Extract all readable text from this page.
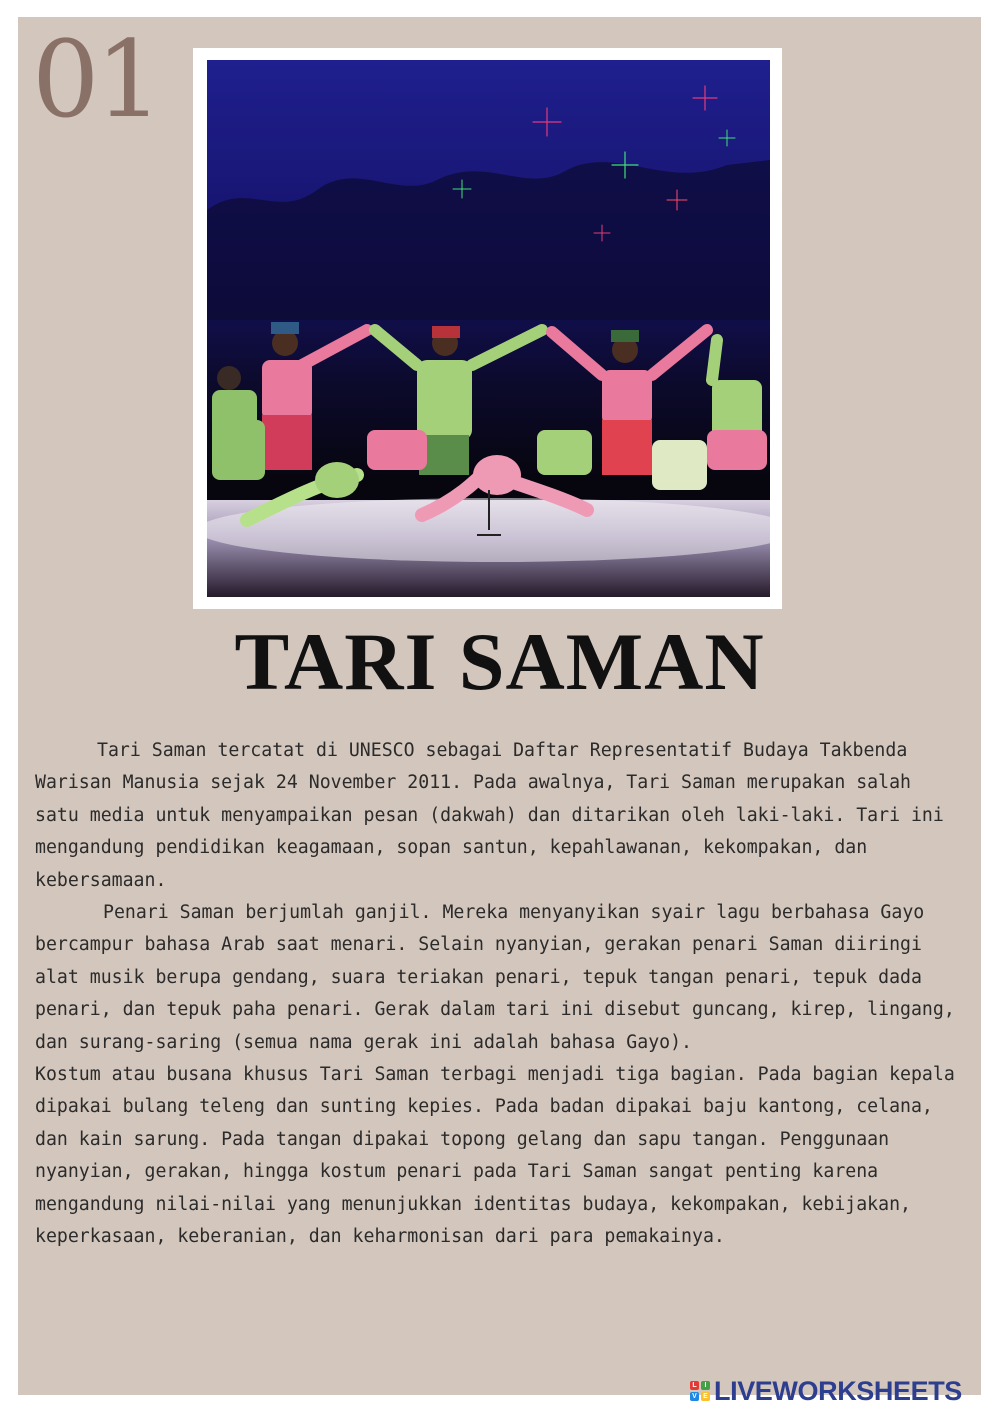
01
TARI SAMAN

Tari Saman tercatat di UNESCO sebagai Daftar Representatif Budaya Takbenda Warisan Manusia sejak 24 November 2011. Pada awalnya, Tari Saman merupakan salah satu media untuk menyampaikan pesan (dakwah) dan ditarikan oleh laki-laki. Tari ini mengandung pendidikan keagamaan, sopan santun, kepahlawanan, kekompakan, dan kebersamaan.

Penari Saman berjumlah ganjil. Mereka menyanyikan syair lagu berbahasa Gayo bercampur bahasa Arab saat menari. Selain nyanyian, gerakan penari Saman diiringi alat musik berupa gendang, suara teriakan penari, tepuk tangan penari, tepuk dada penari, dan tepuk paha penari. Gerak dalam tari ini disebut guncang, kirep, lingang, dan surang-saring (semua nama gerak ini adalah bahasa Gayo).

Kostum atau busana khusus Tari Saman terbagi menjadi tiga bagian. Pada bagian kepala dipakai bulang teleng dan sunting kepies. Pada badan dipakai baju kantong, celana, dan kain sarung. Pada tangan dipakai topong gelang dan sapu tangan. Penggunaan nyanyian, gerakan, hingga kostum penari pada Tari Saman sangat penting karena mengandung nilai-nilai yang menunjukkan identitas budaya, kekompakan, kebijakan, keperkasaan, keberanian, dan keharmonisan dari para pemakainya.

L	I
V E LIVEWORKSHEETS
